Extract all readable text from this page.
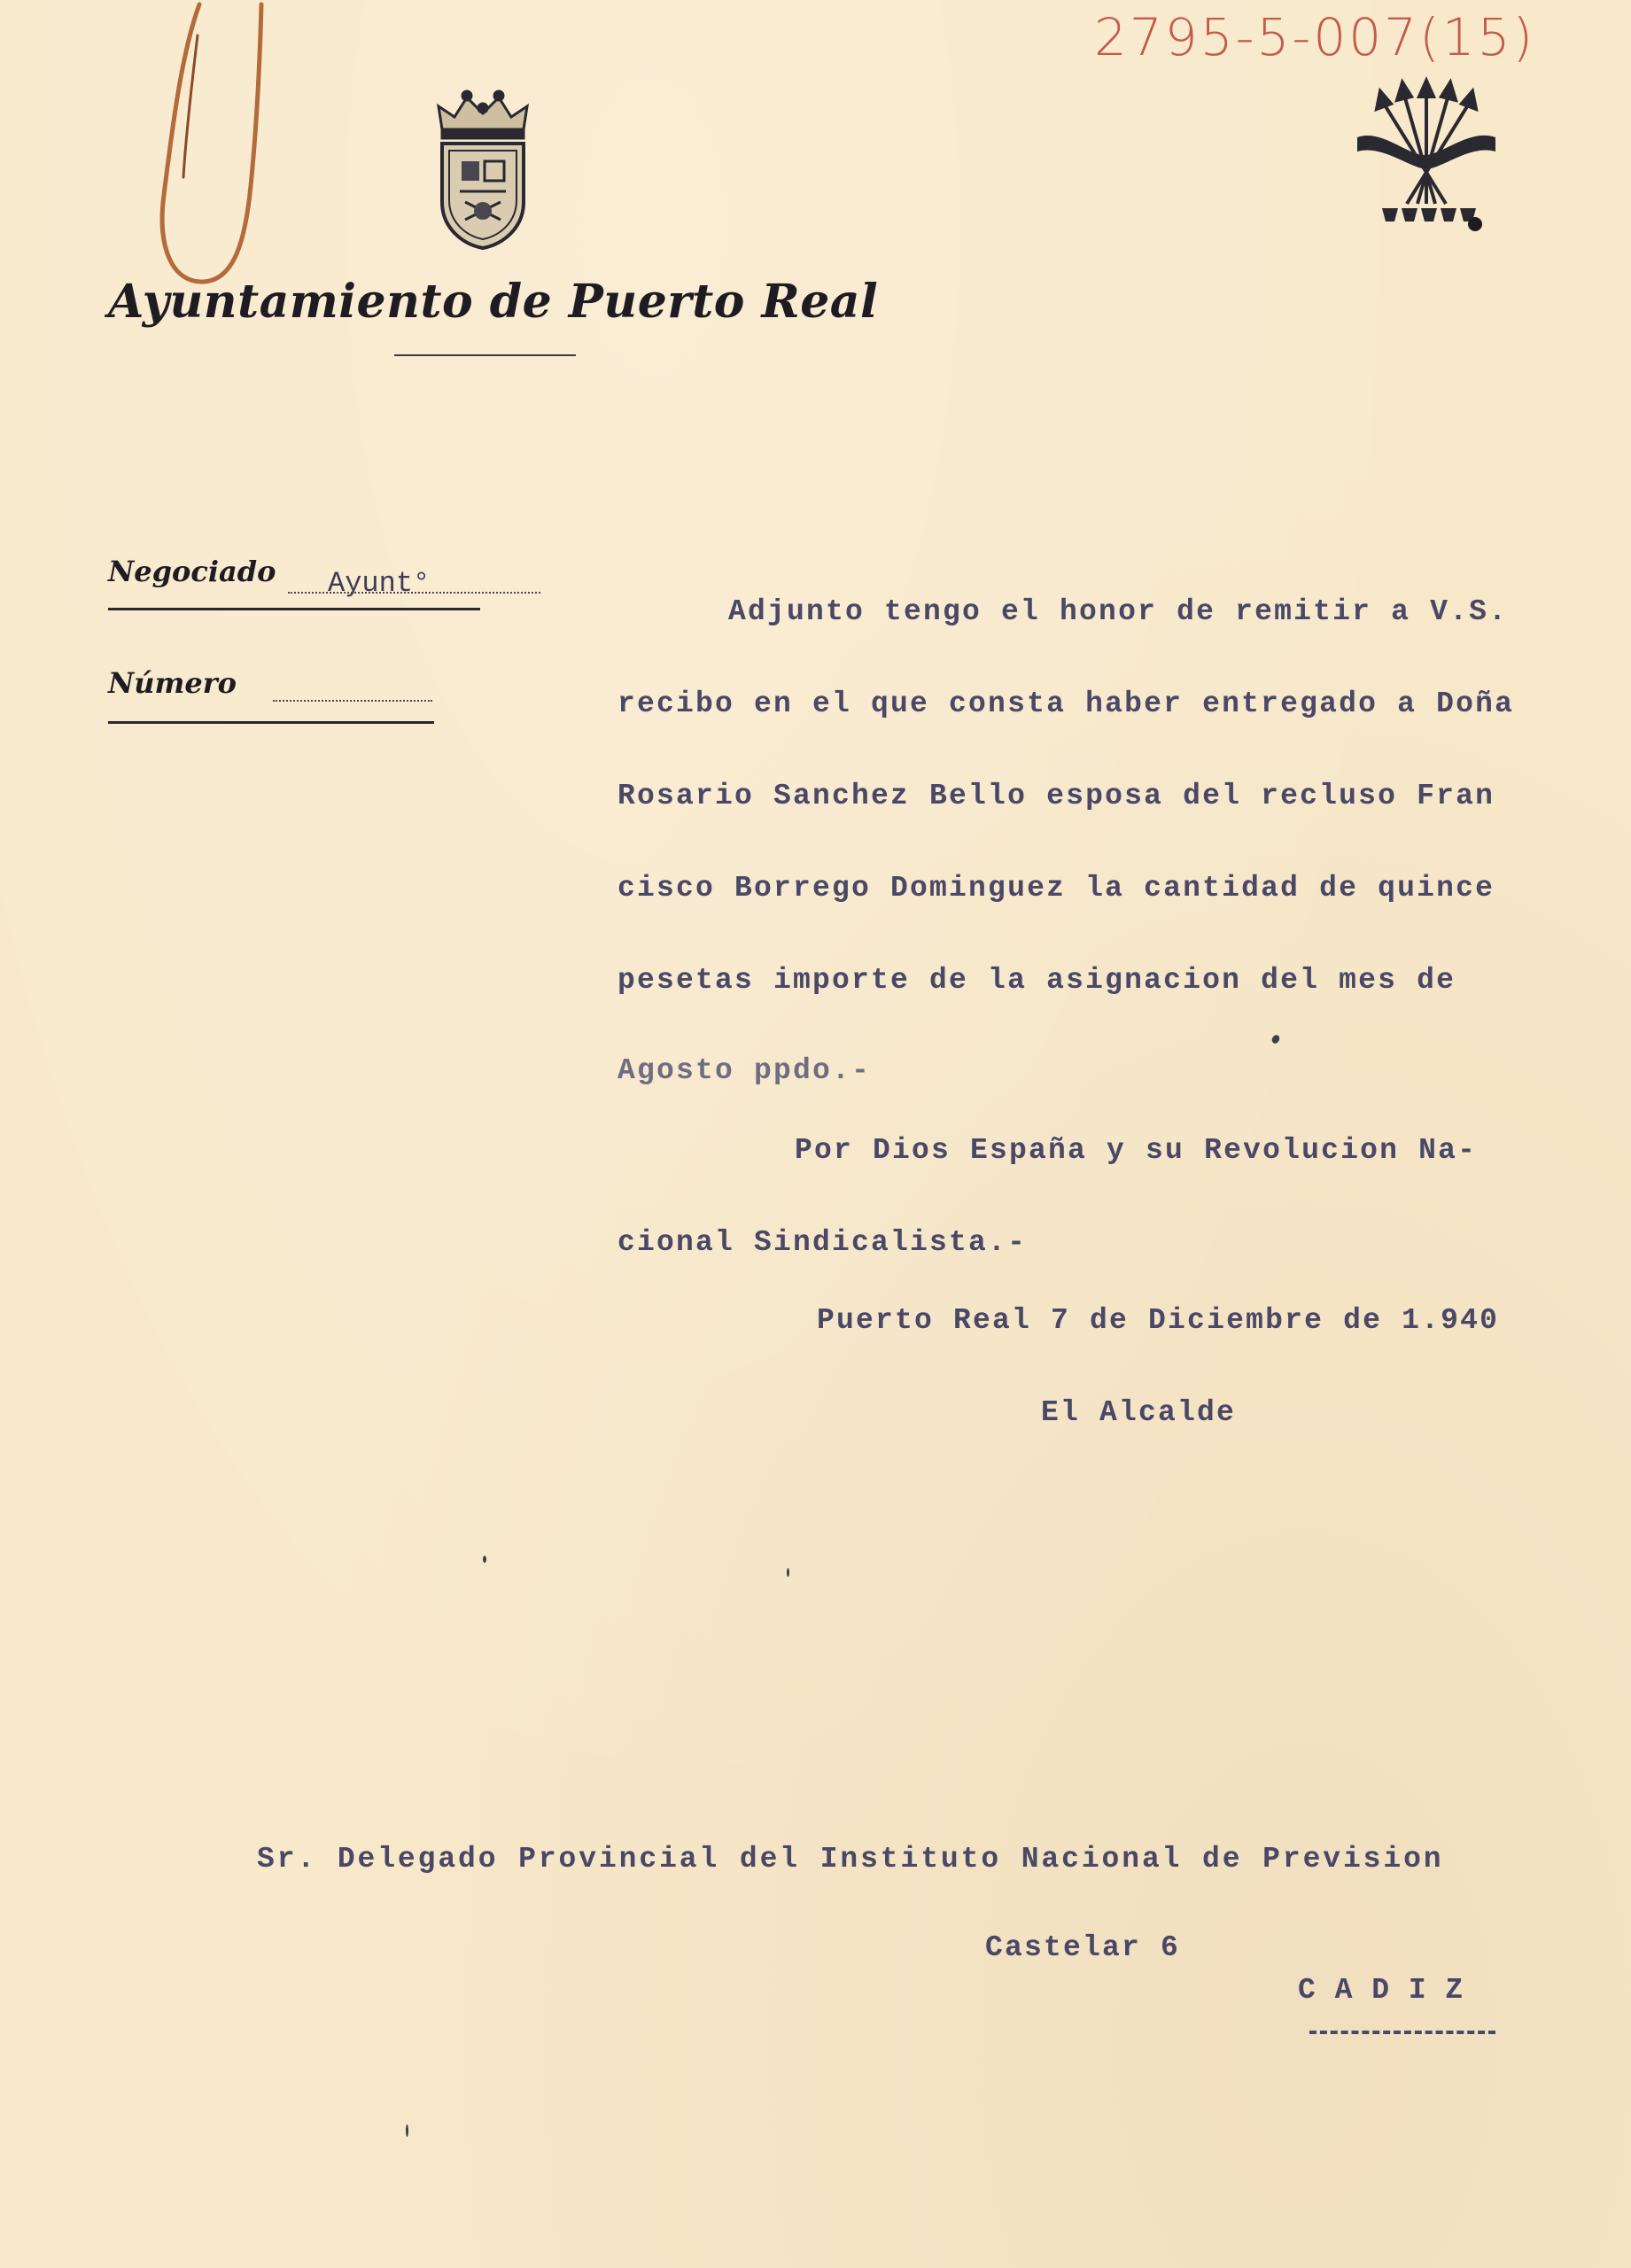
2795-5-007(15)
Ayuntamiento de Puerto Real
Negociado Ayunt°
Número
Adjunto tengo el honor de remitir a V.S.
recibo en el que consta haber entregado a Doña
Rosario Sanchez Bello esposa del recluso Fran
cisco Borrego Dominguez la cantidad de quince
pesetas importe de la asignacion del mes de
Agosto ppdo.-
Por Dios España y su Revolucion Na-
cional Sindicalista.-
Puerto Real 7 de Diciembre de 1.940
El Alcalde
Sr. Delegado Provincial del Instituto Nacional de Prevision
Castelar 6
C A D I Z
